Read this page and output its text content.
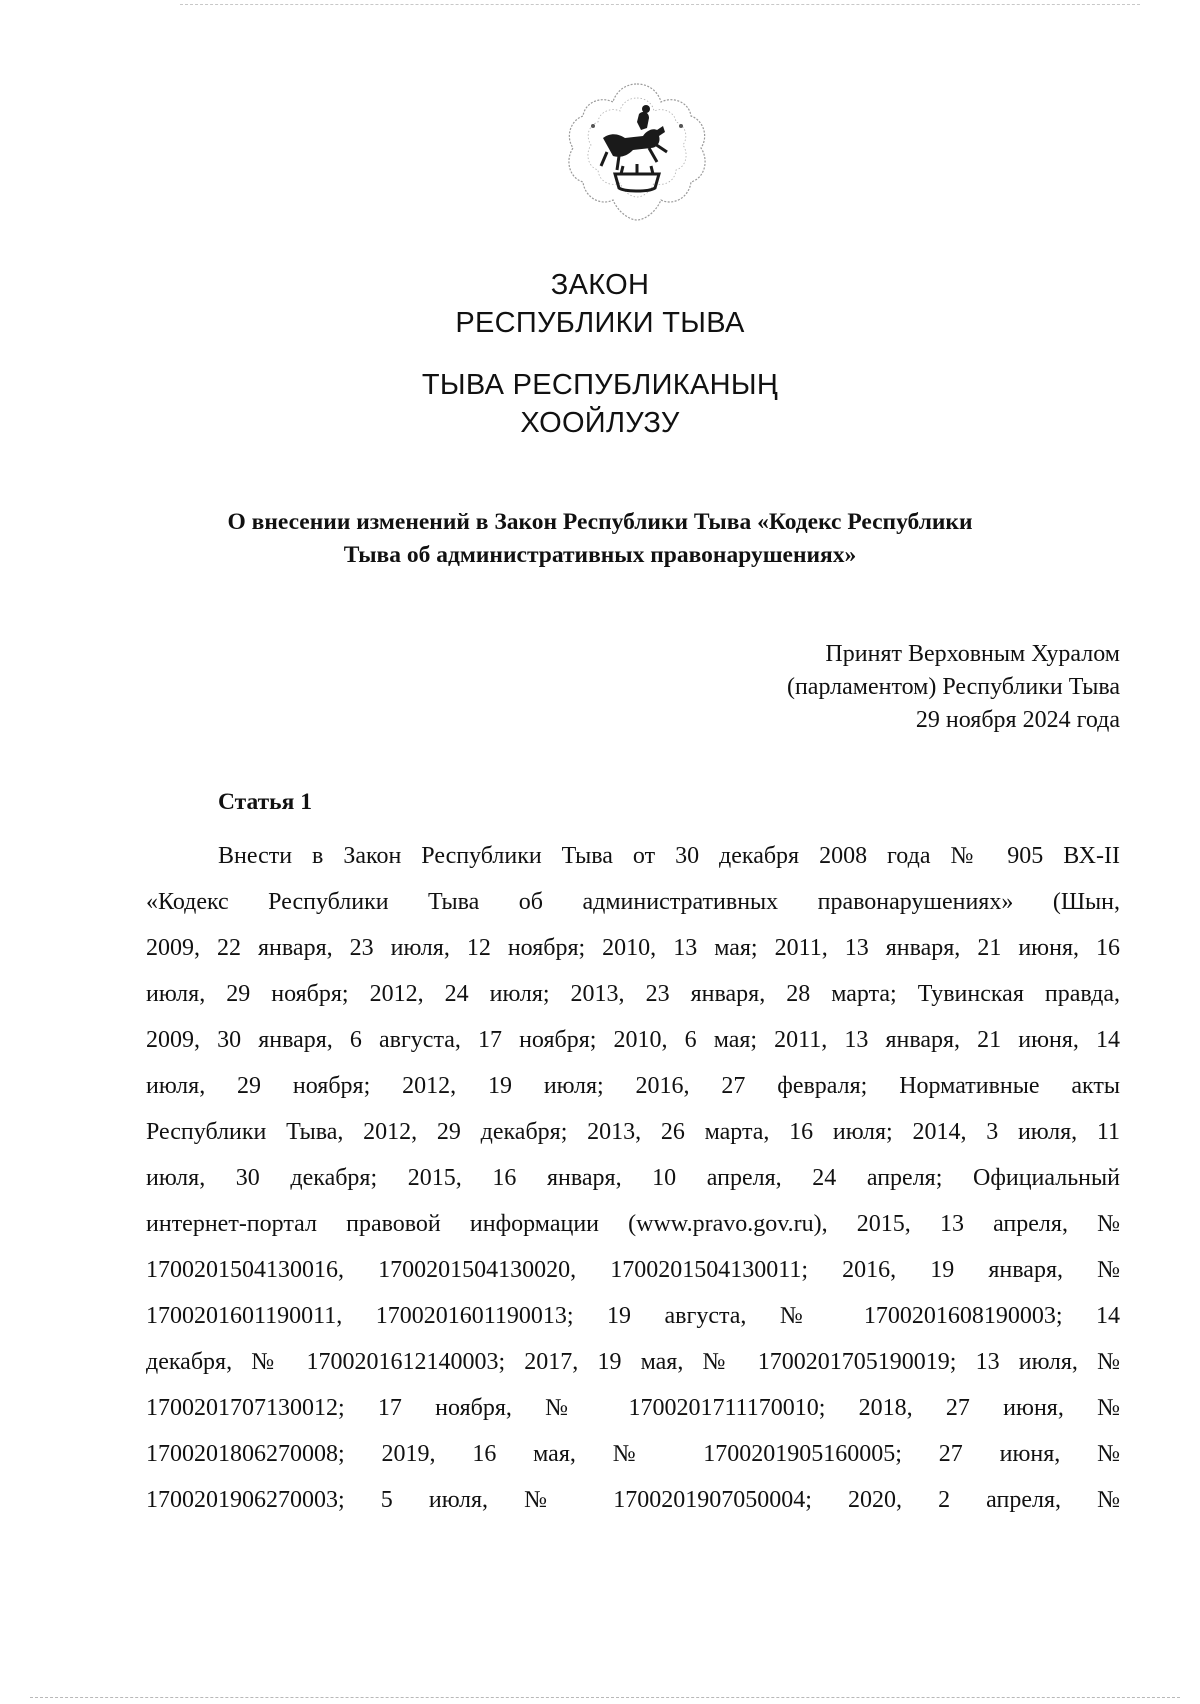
ЗАКОН
РЕСПУБЛИКИ ТЫВА
ТЫВА РЕСПУБЛИКАНЫҢ
ХООЙЛУЗУ
О внесении изменений в Закон Республики Тыва «Кодекс Республики
Тыва об административных правонарушениях»
Принят Верховным Хуралом
(парламентом) Республики Тыва
29 ноября 2024 года
Статья 1
Внести в Закон Республики Тыва от 30 декабря 2008 года № 905 ВХ-II
«Кодекс Республики Тыва об административных правонарушениях» (Шын,
2009, 22 января, 23 июля, 12 ноября; 2010, 13 мая; 2011, 13 января, 21 июня, 16
июля, 29 ноября; 2012, 24 июля; 2013, 23 января, 28 марта; Тувинская правда,
2009, 30 января, 6 августа, 17 ноября; 2010, 6 мая; 2011, 13 января, 21 июня, 14
июля, 29 ноября; 2012, 19 июля; 2016, 27 февраля; Нормативные акты
Республики Тыва, 2012, 29 декабря; 2013, 26 марта, 16 июля; 2014, 3 июля, 11
июля, 30 декабря; 2015, 16 января, 10 апреля, 24 апреля; Официальный
интернет-портал правовой информации (www.pravo.gov.ru), 2015, 13 апреля, №
1700201504130016, 1700201504130020, 1700201504130011; 2016, 19 января, №
1700201601190011, 1700201601190013; 19 августа, № 1700201608190003; 14
декабря, № 1700201612140003; 2017, 19 мая, № 1700201705190019; 13 июля, №
1700201707130012; 17 ноября, № 1700201711170010; 2018, 27 июня, №
1700201806270008; 2019, 16 мая, № 1700201905160005; 27 июня, №
1700201906270003; 5 июля, № 1700201907050004; 2020, 2 апреля, №
